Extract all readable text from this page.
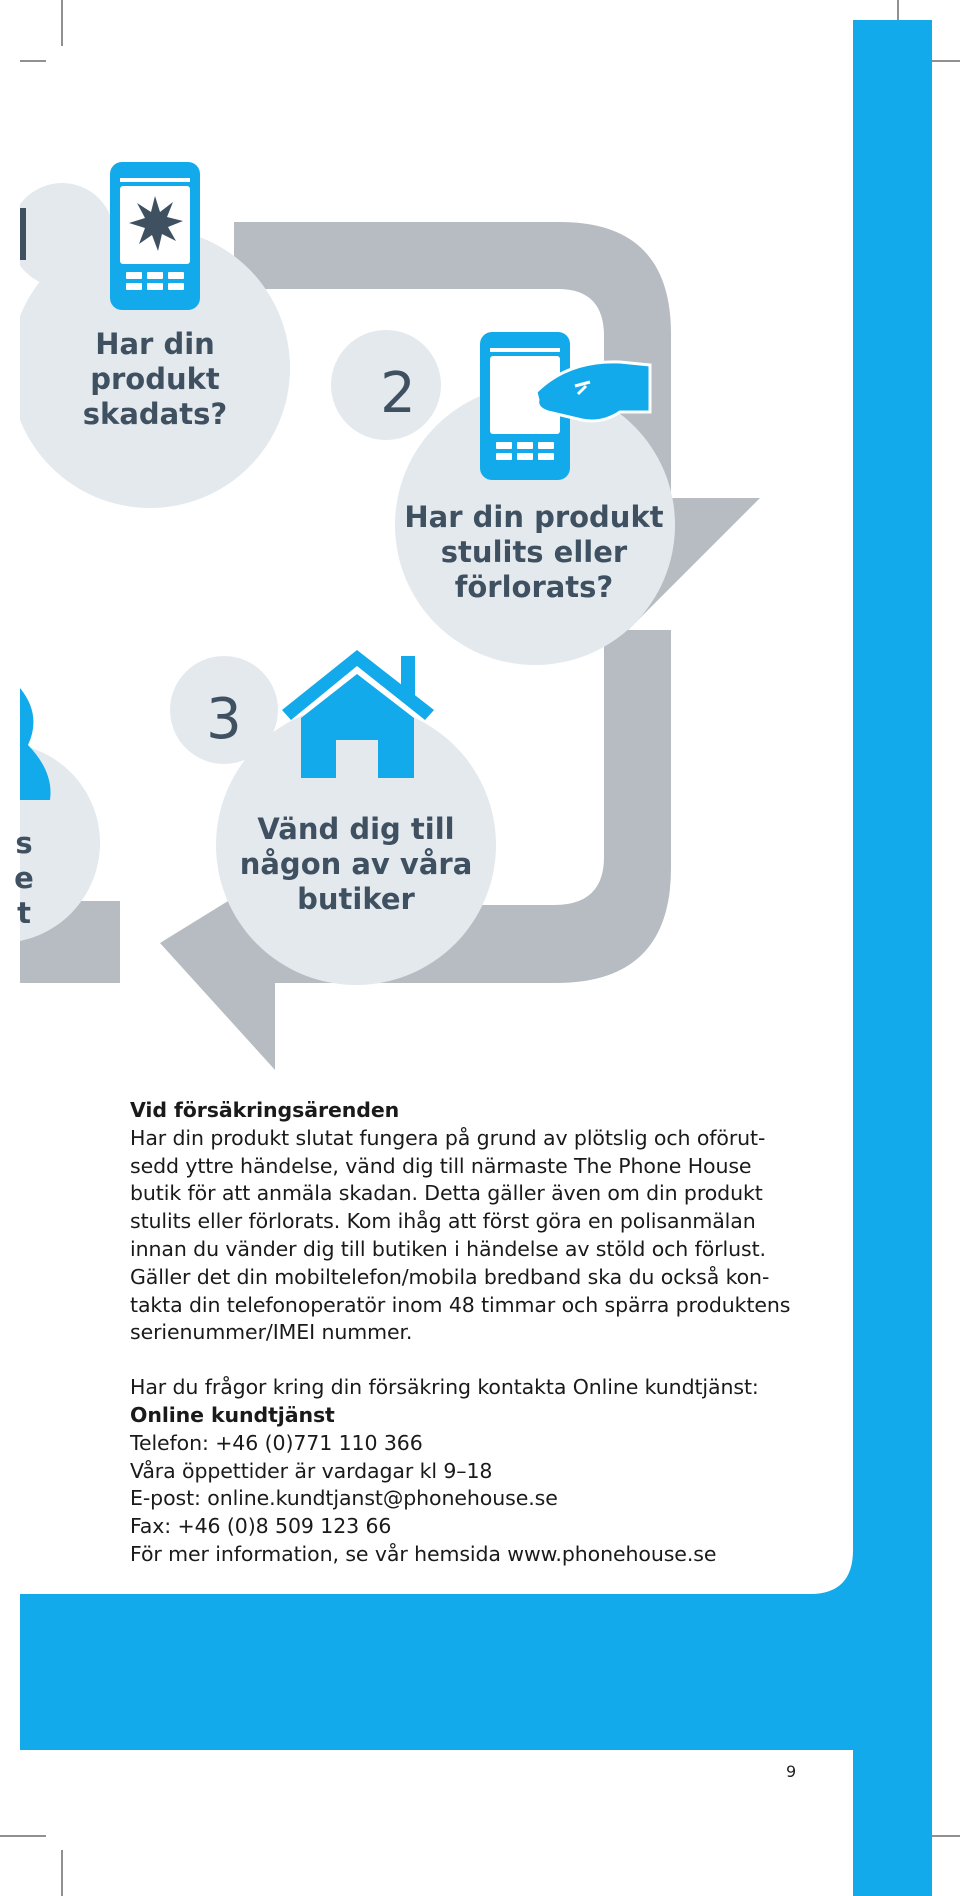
2
3
Har din
produkt
skadats?
Har din produkt
stulits eller
förlorats?
Vänd dig till
någon av våra
butiker
s
e
t

Vid försäkringsärenden

Har din produkt slutat fungera på grund av plötslig och oförut-

sedd yttre händelse, vänd dig till närmaste The Phone House

butik för att anmäla skadan. Detta gäller även om din produkt

stulits eller förlorats. Kom ihåg att först göra en polisanmälan

innan du vänder dig till butiken i händelse av stöld och förlust.

Gäller det din mobiltelefon/mobila bredband ska du också kon-

takta din telefonoperatör inom 48 timmar och spärra produktens

serienummer/IMEI nummer.

Har du frågor kring din försäkring kontakta Online kundtjänst:

Online kundtjänst

Telefon: +46 (0)771 110 366

Våra öppettider är vardagar kl 9–18

E-post: online.kundtjanst@phonehouse.se

Fax: +46 (0)8 509 123 66

För mer information, se vår hemsida www.phonehouse.se

9
